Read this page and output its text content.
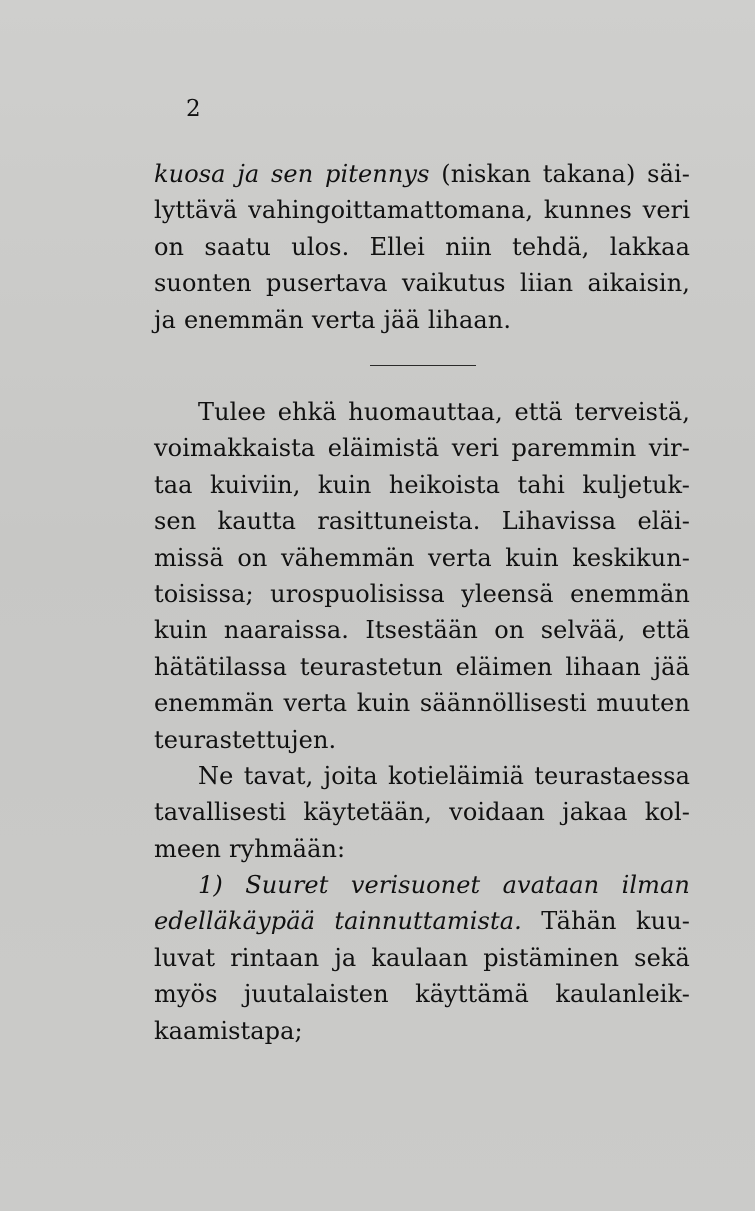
2
kuosa ja sen pitennys (niskan takana) säi-
lyttävä vahingoittamattomana, kunnes veri
on saatu ulos. Ellei niin tehdä, lakkaa
suonten pusertava vaikutus liian aikaisin,
ja enemmän verta jää lihaan.
Tulee ehkä huomauttaa, että terveistä,
voimakkaista eläimistä veri paremmin vir-
taa kuiviin, kuin heikoista tahi kuljetuk-
sen kautta rasittuneista. Lihavissa eläi-
missä on vähemmän verta kuin keskikun-
toisissa; urospuolisissa yleensä enemmän
kuin naaraissa. Itsestään on selvää, että
hätätilassa teurastetun eläimen lihaan jää
enemmän verta kuin säännöllisesti muuten
teurastettujen.
Ne tavat, joita kotieläimiä teurastaessa
tavallisesti käytetään, voidaan jakaa kol-
meen ryhmään:
1) Suuret verisuonet avataan ilman
edelläkäypää tainnuttamista. Tähän kuu-
luvat rintaan ja kaulaan pistäminen sekä
myös juutalaisten käyttämä kaulanleik-
kaamistapa;
